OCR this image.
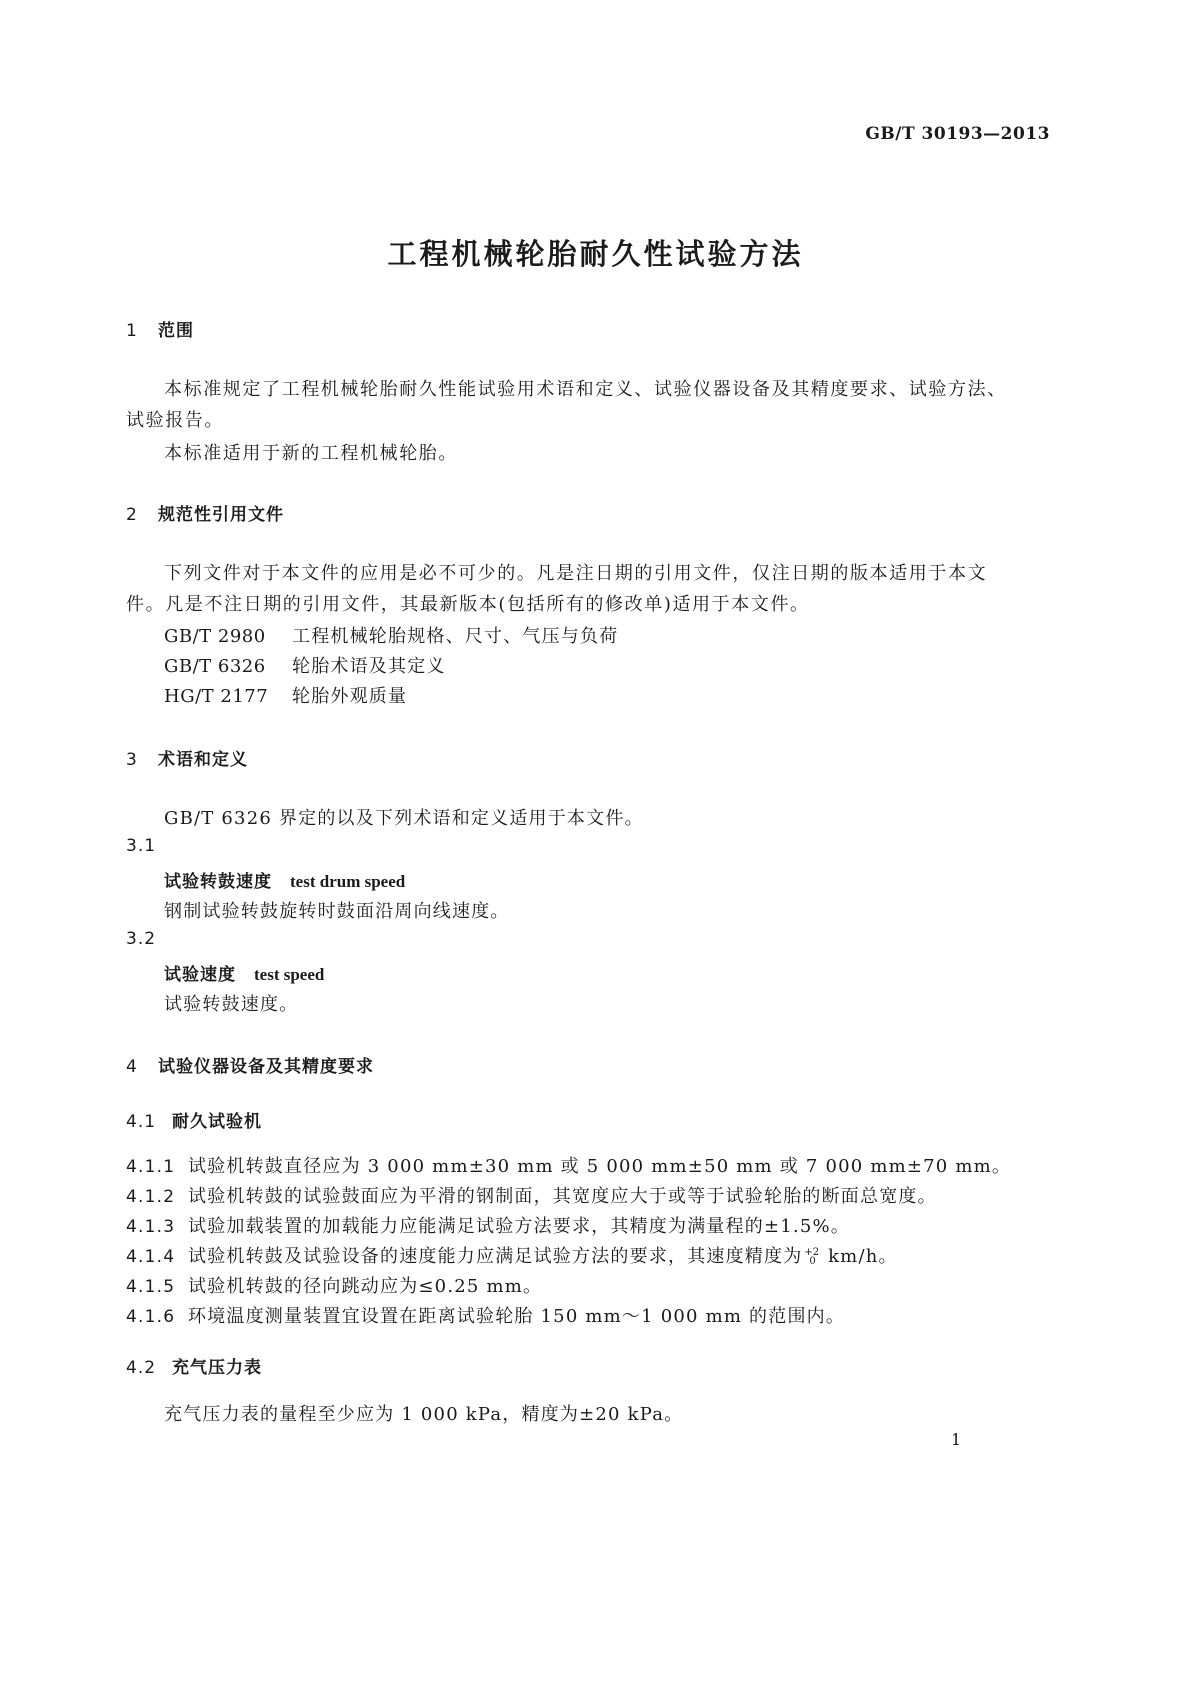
GB/T 30193—2013
工程机械轮胎耐久性试验方法
1 范围
本标准规定了工程机械轮胎耐久性能试验用术语和定义、试验仪器设备及其精度要求、试验方法、
试验报告。
本标准适用于新的工程机械轮胎。
2 规范性引用文件
下列文件对于本文件的应用是必不可少的。凡是注日期的引用文件，仅注日期的版本适用于本文
件。凡是不注日期的引用文件，其最新版本(包括所有的修改单)适用于本文件。
GB/T 2980 工程机械轮胎规格、尺寸、气压与负荷
GB/T 6326 轮胎术语及其定义
HG/T 2177 轮胎外观质量
3 术语和定义
GB/T 6326 界定的以及下列术语和定义适用于本文件。
3.1
试验转鼓速度 test drum speed
钢制试验转鼓旋转时鼓面沿周向线速度。
3.2
试验速度 test speed
试验转鼓速度。
4 试验仪器设备及其精度要求
4.1 耐久试验机
4.1.1 试验机转鼓直径应为 3 000 mm±30 mm 或 5 000 mm±50 mm 或 7 000 mm±70 mm。
4.1.2 试验机转鼓的试验鼓面应为平滑的钢制面，其宽度应大于或等于试验轮胎的断面总宽度。
4.1.3 试验加载装置的加载能力应能满足试验方法要求，其精度为满量程的±1.5%。
4.1.4 试验机转鼓及试验设备的速度能力应满足试验方法的要求，其速度精度为 +2
0 km/h。
4.1.5 试验机转鼓的径向跳动应为≤0.25 mm。
4.1.6 环境温度测量装置宜设置在距离试验轮胎 150 mm～1 000 mm 的范围内。
4.2 充气压力表
充气压力表的量程至少应为 1 000 kPa，精度为±20 kPa。
1
